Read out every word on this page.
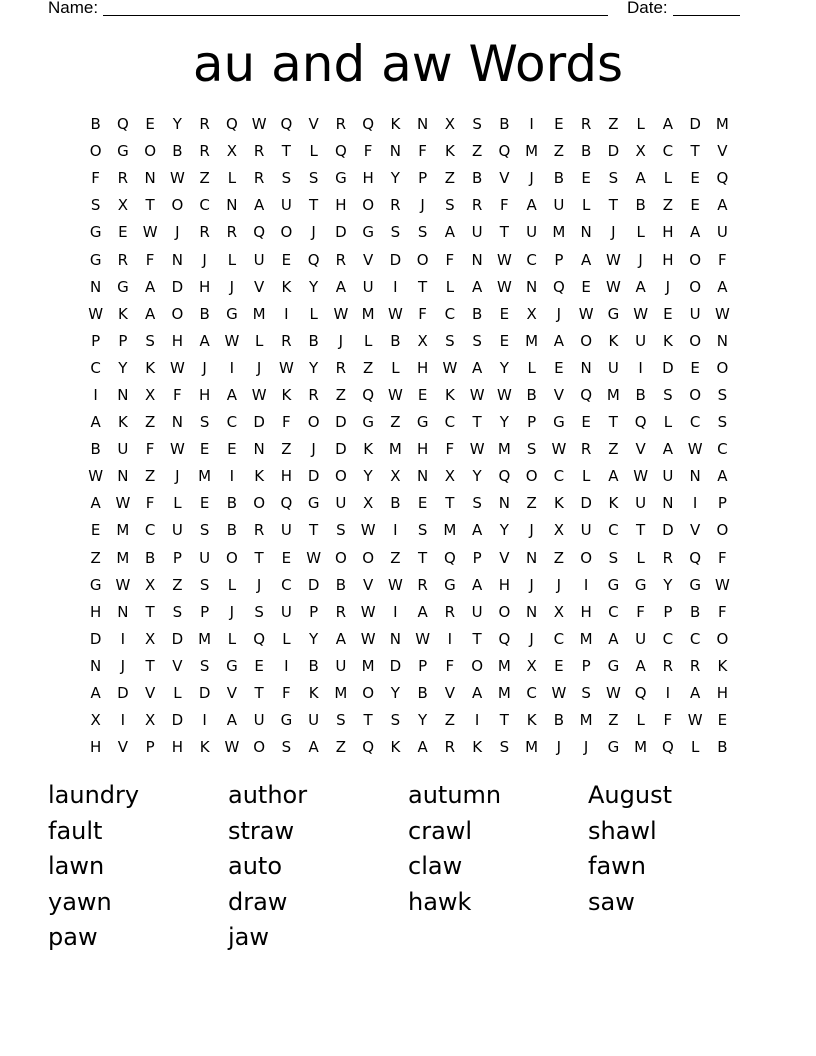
Name:	Date:
au and aw Words
B	Q	E	Y	R	Q W Q	V	R	Q	K	N	X	S	B	I	E	R	Z	L	A	D M
O	G	O	B	R	X	R	T	L	Q	F	N	F	K	Z	Q M	Z	B	D	X	C	T	V
F	R	N W Z	L	R	S	S	G	H	Y	P	Z	B	V	J	B	E	S	A	L	E	Q
S	X	T	O	C	N	A	U	T	H	O	R	J	S	R	F	A	U	L	T	B	Z	E	A
G	E	W	J	R	R	Q	O	J	D	G	S	S	A	U	T	U	M	N	J	L	H	A	U
G	R	F	N	J	L	U	E	Q	R	V	D	O	F	N W C	P	A W	J	H	O	F
N	G	A	D	H	J	V	K	Y	A	U	I	T	L	A W N	Q	E	W A	J	O	A
W K	A	O	B	G M	I	L	W M W	F	C	B	E	X	J	W G W	E	U W
P	P	S	H	A W	L	R	B	J	L	B	X	S	S	E	M	A	O	K	U	K	O	N
C	Y	K W	J	I	J	W	Y	R	Z	L	H W A	Y	L	E	N	U	I	D	E	O
I	N	X	F	H	A W K	R	Z	Q W	E	K W W B	V	Q M	B	S	O	S
A	K	Z	N	S	C	D	F	O	D	G	Z	G	C	T	Y	P	G	E	T	Q	L	C	S
B	U	F	W	E	E	N	Z	J	D	K	M	H	F	W M	S	W R	Z	V	A W C
W N	Z	J	M	I	K	H	D	O	Y	X	N	X	Y	Q	O	C	L	A W U	N	A
A W	F	L	E	B	O	Q	G	U	X	B	E	T	S	N	Z	K	D	K	U	N	I	P
E	M	C	U	S	B	R	U	T	S	W	I	S	M	A	Y	J	X	U	C	T	D	V	O
Z	M	B	P	U	O	T	E	W O	O	Z	T	Q	P	V	N	Z	O	S	L	R	Q	F
G W X	Z	S	L	J	C	D	B	V W R	G	A	H	J	J	I	G	G	Y	G W
H	N	T	S	P	J	S	U	P	R W	I	A	R	U	O	N	X	H	C	F	P	B	F
D	I	X	D M	L	Q	L	Y	A W N W	I	T	Q	J	C	M	A	U	C	C	O
N	J	T	V	S	G	E	I	B	U	M	D	P	F	O M	X	E	P	G	A	R	R	K
A	D	V	L	D	V	T	F	K	M O	Y	B	V	A	M	C W	S	W Q	I	A	H
X	I	X	D	I	A	U	G	U	S	T	S	Y	Z	I	T	K	B	M	Z	L	F	W	E
H	V	P	H	K W O	S	A	Z	Q	K	A	R	K	S	M	J	J	G M Q	L	B
laundry	author	autumn	August
fault	straw	crawl	shawl
lawn	auto	claw	fawn
yawn	draw	hawk	saw
paw	jaw
